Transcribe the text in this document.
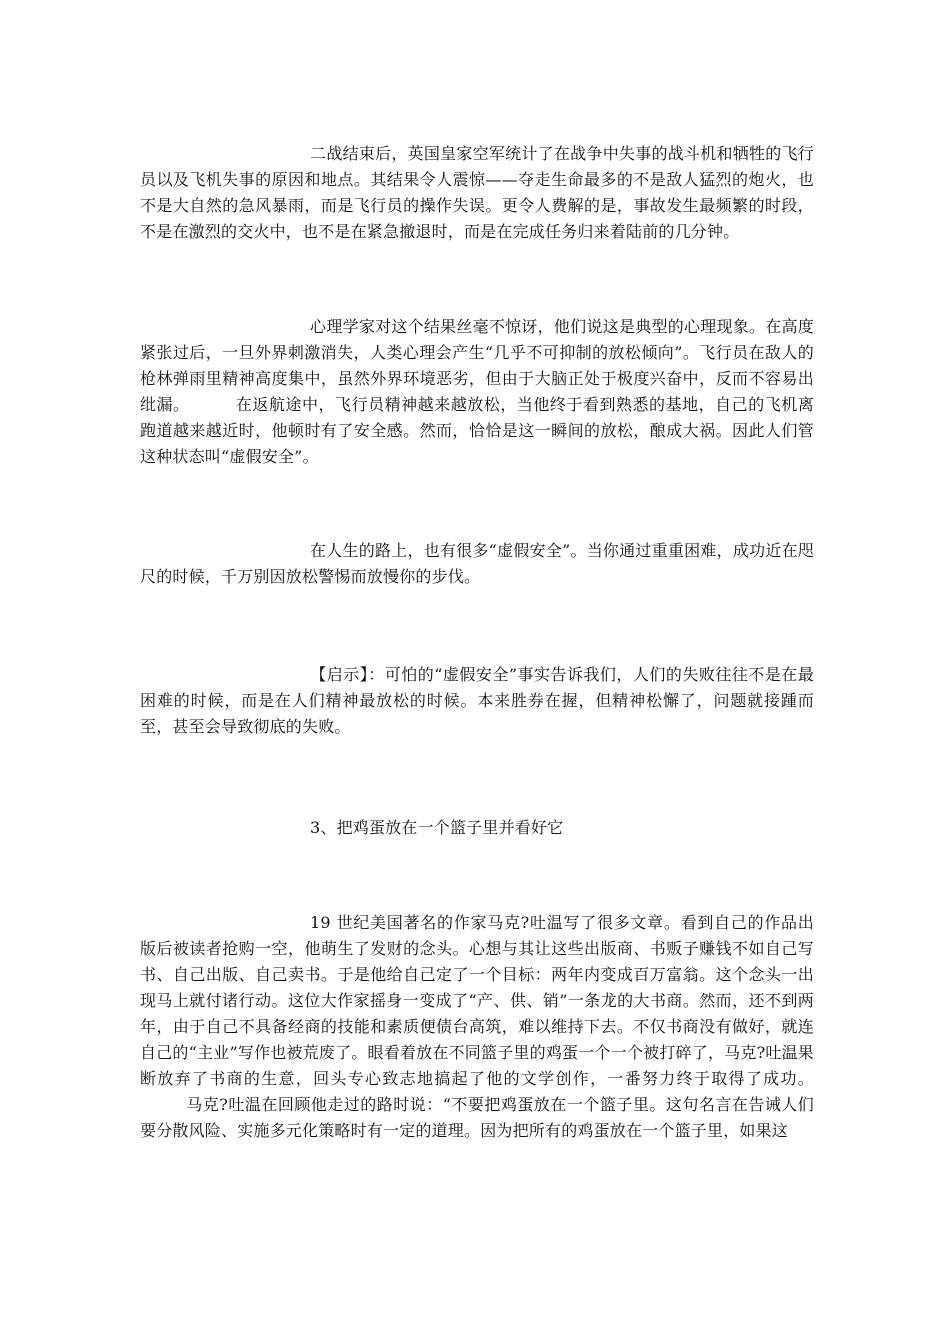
二战结束后，英国皇家空军统计了在战争中失事的战斗机和牺牲的飞行员以及飞机失事的原因和地点。其结果令人震惊——夺走生命最多的不是敌人猛烈的炮火，也不是大自然的急风暴雨，而是飞行员的操作失误。更令人费解的是，事故发生最频繁的时段，不是在激烈的交火中，也不是在紧急撤退时，而是在完成任务归来着陆前的几分钟。

心理学家对这个结果丝毫不惊讶，他们说这是典型的心理现象。在高度紧张过后，一旦外界刺激消失，人类心理会产生“几乎不可抑制的放松倾向”。飞行员在敌人的枪林弹雨里精神高度集中，虽然外界环境恶劣，但由于大脑正处于极度兴奋中，反而不容易出纰漏。	在返航途中，飞行员精神越来越放松，当他终于看到熟悉的基地，自己的飞机离跑道越来越近时，他顿时有了安全感。然而，恰恰是这一瞬间的放松，酿成大祸。因此人们管这种状态叫“虚假安全”。

在人生的路上，也有很多“虚假安全”。当你通过重重困难，成功近在咫尺的时候，千万别因放松警惕而放慢你的步伐。

【启示】：可怕的“虚假安全”事实告诉我们，人们的失败往往不是在最困难的时候，而是在人们精神最放松的时候。本来胜券在握，但精神松懈了，问题就接踵而至，甚至会导致彻底的失败。

3、把鸡蛋放在一个篮子里并看好它

19 世纪美国著名的作家马克?吐温写了很多文章。看到自己的作品出版后被读者抢购一空，他萌生了发财的念头。心想与其让这些出版商、书贩子赚钱不如自己写书、自己出版、自己卖书。于是他给自己定了一个目标：两年内变成百万富翁。这个念头一出现马上就付诸行动。这位大作家摇身一变成了“产、供、销”一条龙的大书商。然而，还不到两年，由于自己不具备经商的技能和素质便债台高筑，难以维持下去。不仅书商没有做好，就连自己的“主业”写作也被荒废了。眼看着放在不同篮子里的鸡蛋一个一个被打碎了，马克?吐温果断放弃了书商的生意，回头专心致志地搞起了他的文学创作，一番努力终于取得了成功。马克?吐温在回顾他走过的路时说：“不要把鸡蛋放在一个篮子里。这句名言在告诫人们要分散风险、实施多元化策略时有一定的道理。因为把所有的鸡蛋放在一个篮子里，如果这
